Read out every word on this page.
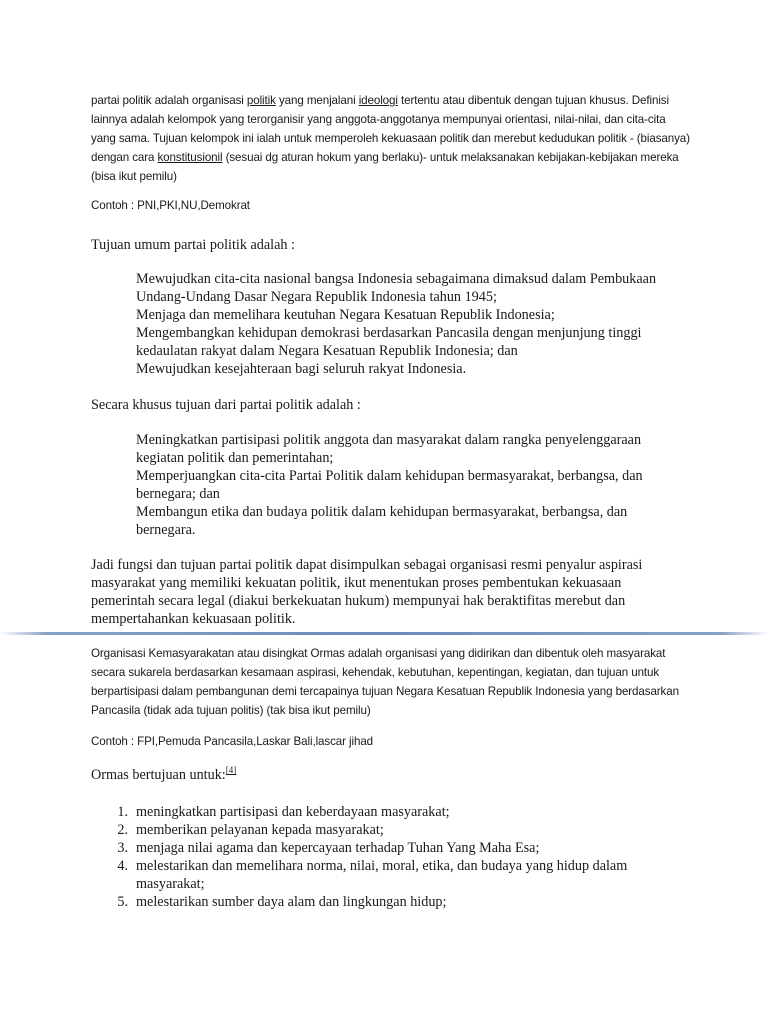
partai politik adalah organisasi politik yang menjalani ideologi tertentu atau dibentuk dengan tujuan khusus. Definisi lainnya adalah kelompok yang terorganisir yang anggota-anggotanya mempunyai orientasi, nilai-nilai, dan cita-cita yang sama. Tujuan kelompok ini ialah untuk memperoleh kekuasaan politik dan merebut kedudukan politik - (biasanya) dengan cara konstitusionil (sesuai dg aturan hokum yang berlaku)- untuk melaksanakan kebijakan-kebijakan mereka (bisa ikut pemilu)

Contoh : PNI,PKI,NU,Demokrat

Tujuan umum partai politik adalah :

Mewujudkan cita-cita nasional bangsa Indonesia sebagaimana dimaksud dalam Pembukaan Undang-Undang Dasar Negara Republik Indonesia tahun 1945;

Menjaga dan memelihara keutuhan Negara Kesatuan Republik Indonesia;

Mengembangkan kehidupan demokrasi berdasarkan Pancasila dengan menjunjung tinggi kedaulatan rakyat dalam Negara Kesatuan Republik Indonesia; dan

Mewujudkan kesejahteraan bagi seluruh rakyat Indonesia.

Secara khusus tujuan dari partai politik adalah :

Meningkatkan partisipasi politik anggota dan masyarakat dalam rangka penyelenggaraan kegiatan politik dan pemerintahan;

Memperjuangkan cita-cita Partai Politik dalam kehidupan bermasyarakat, berbangsa, dan bernegara; dan

Membangun etika dan budaya politik dalam kehidupan bermasyarakat, berbangsa, dan bernegara.

Jadi fungsi dan tujuan partai politik dapat disimpulkan sebagai organisasi resmi penyalur aspirasi masyarakat yang memiliki kekuatan politik, ikut menentukan proses pembentukan kekuasaan pemerintah secara legal (diakui berkekuatan hukum) mempunyai hak beraktifitas merebut dan mempertahankan kekuasaan politik.

Organisasi Kemasyarakatan atau disingkat Ormas adalah organisasi yang didirikan dan dibentuk oleh masyarakat secara sukarela berdasarkan kesamaan aspirasi, kehendak, kebutuhan, kepentingan, kegiatan, dan tujuan untuk berpartisipasi dalam pembangunan demi tercapainya tujuan Negara Kesatuan Republik Indonesia yang berdasarkan Pancasila (tidak ada tujuan politis) (tak bisa ikut pemilu)

Contoh : FPI,Pemuda Pancasila,Laskar Bali,lascar jihad

Ormas bertujuan untuk:[4]

1. meningkatkan partisipasi dan keberdayaan masyarakat;
2. memberikan pelayanan kepada masyarakat;
3. menjaga nilai agama dan kepercayaan terhadap Tuhan Yang Maha Esa;
4. melestarikan dan memelihara norma, nilai, moral, etika, dan budaya yang hidup dalam masyarakat;
5. melestarikan sumber daya alam dan lingkungan hidup;
